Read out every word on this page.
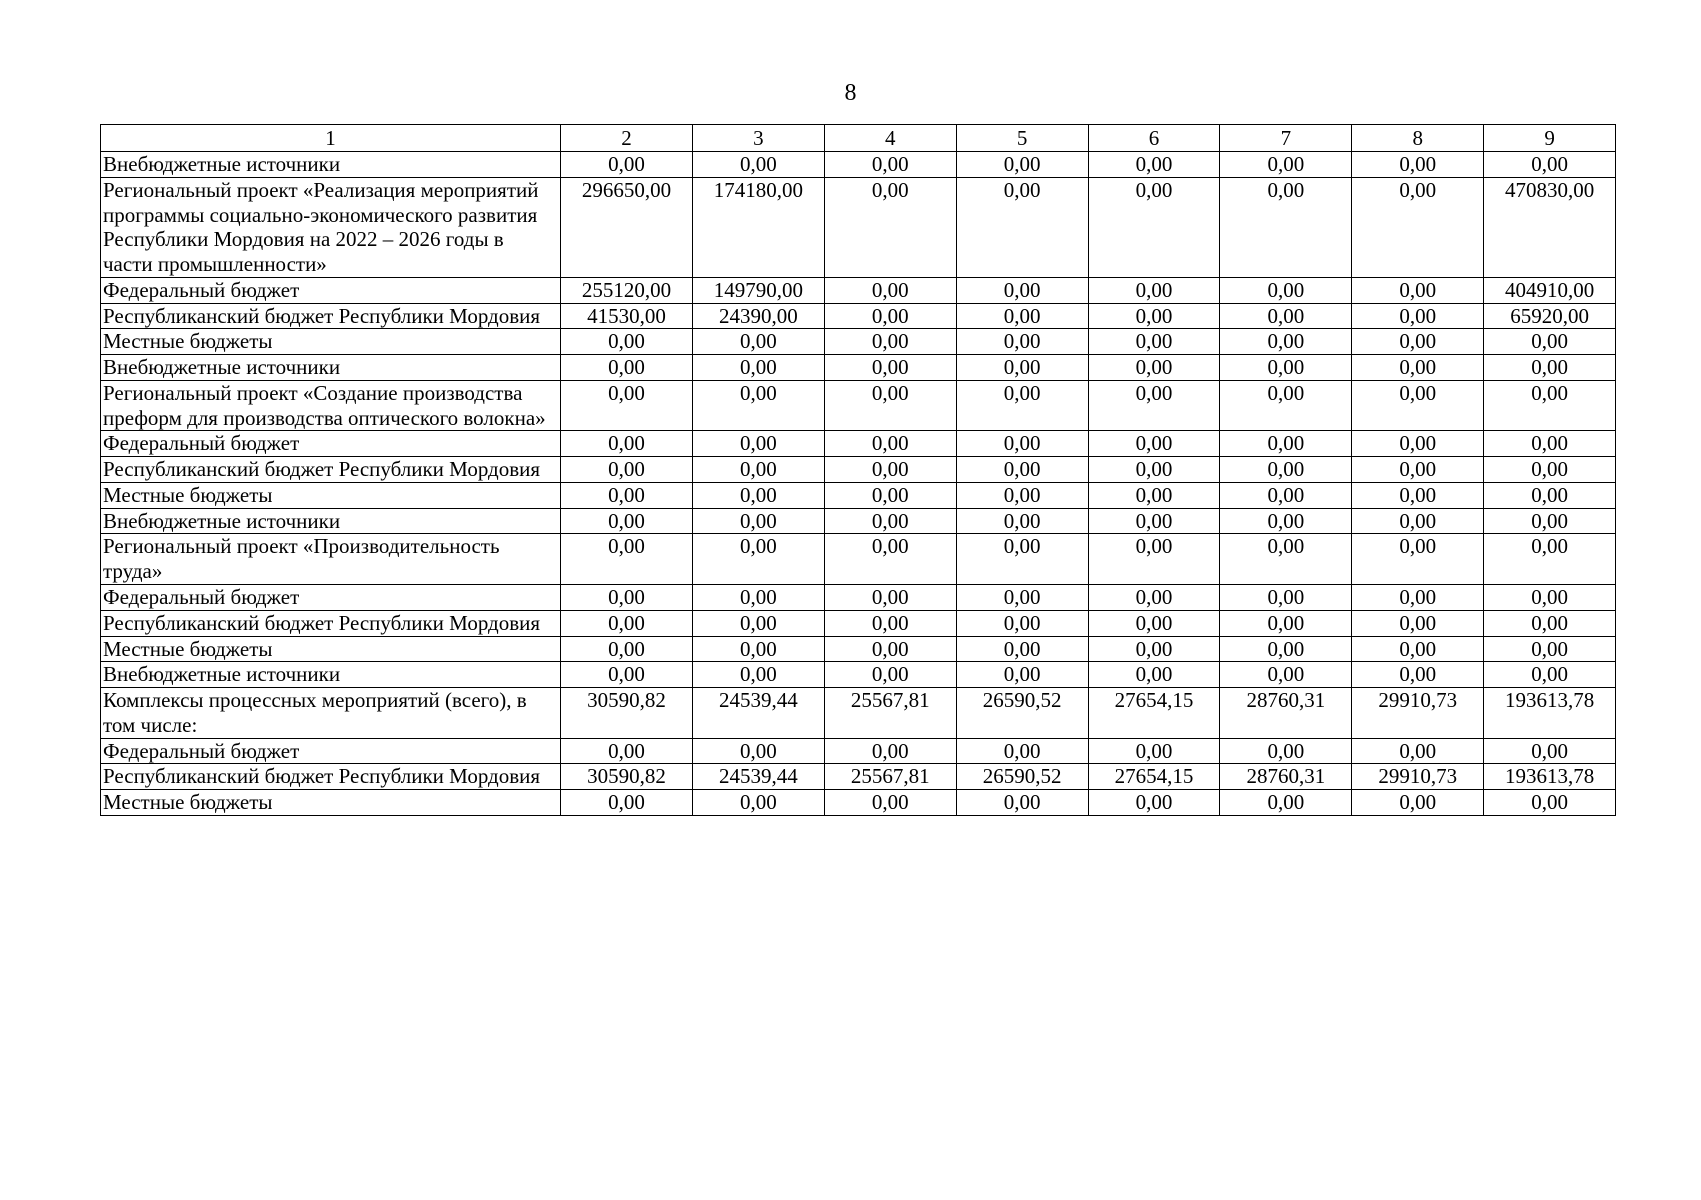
8
1	2	3	4	5	6	7	8	9
Внебюджетные источники	0,00	0,00	0,00	0,00	0,00	0,00	0,00	0,00
Региональный проект «Реализация мероприятий программы социально-экономического развития Республики Мордовия на 2022 – 2026 годы в части промышленности»	296650,00	174180,00	0,00	0,00	0,00	0,00	0,00	470830,00
Федеральный бюджет	255120,00	149790,00	0,00	0,00	0,00	0,00	0,00	404910,00
Республиканский бюджет Республики Мордовия	41530,00	24390,00	0,00	0,00	0,00	0,00	0,00	65920,00
Местные бюджеты	0,00	0,00	0,00	0,00	0,00	0,00	0,00	0,00
Внебюджетные источники	0,00	0,00	0,00	0,00	0,00	0,00	0,00	0,00
Региональный проект «Создание производства преформ для производства оптического волокна»	0,00	0,00	0,00	0,00	0,00	0,00	0,00	0,00
Федеральный бюджет	0,00	0,00	0,00	0,00	0,00	0,00	0,00	0,00
Республиканский бюджет Республики Мордовия	0,00	0,00	0,00	0,00	0,00	0,00	0,00	0,00
Местные бюджеты	0,00	0,00	0,00	0,00	0,00	0,00	0,00	0,00
Внебюджетные источники	0,00	0,00	0,00	0,00	0,00	0,00	0,00	0,00
Региональный проект «Производительность труда»	0,00	0,00	0,00	0,00	0,00	0,00	0,00	0,00
Федеральный бюджет	0,00	0,00	0,00	0,00	0,00	0,00	0,00	0,00
Республиканский бюджет Республики Мордовия	0,00	0,00	0,00	0,00	0,00	0,00	0,00	0,00
Местные бюджеты	0,00	0,00	0,00	0,00	0,00	0,00	0,00	0,00
Внебюджетные источники	0,00	0,00	0,00	0,00	0,00	0,00	0,00	0,00
Комплексы процессных мероприятий (всего), в том числе:	30590,82	24539,44	25567,81	26590,52	27654,15	28760,31	29910,73	193613,78
Федеральный бюджет	0,00	0,00	0,00	0,00	0,00	0,00	0,00	0,00
Республиканский бюджет Республики Мордовия	30590,82	24539,44	25567,81	26590,52	27654,15	28760,31	29910,73	193613,78
Местные бюджеты	0,00	0,00	0,00	0,00	0,00	0,00	0,00	0,00
